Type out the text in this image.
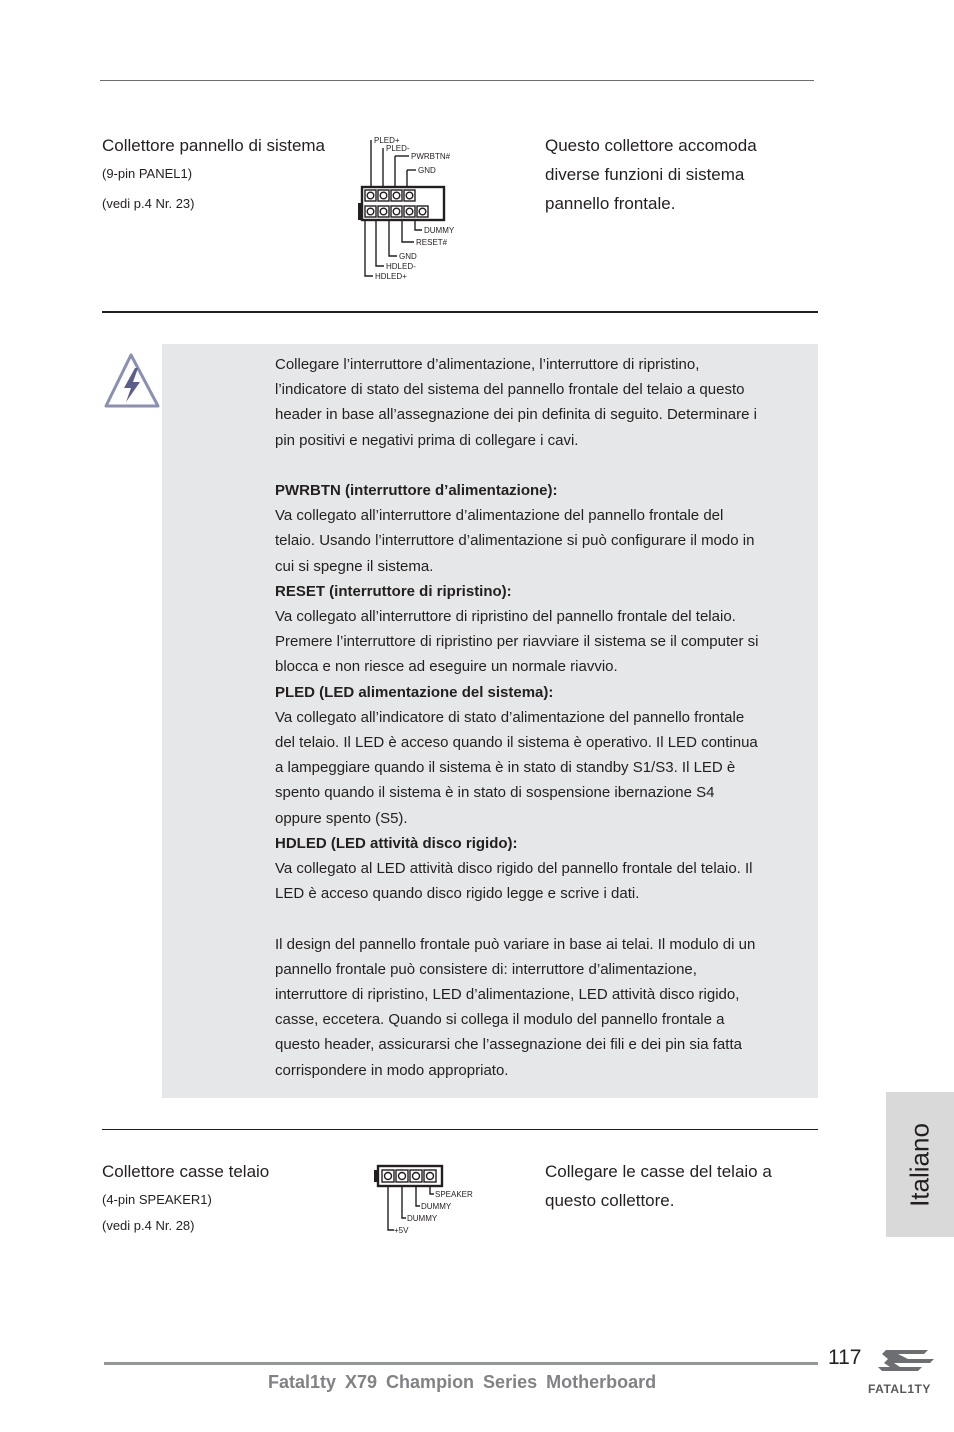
Collettore pannello di sistema
(9-pin PANEL1)
(vedi p.4 Nr. 23)
PLED+
PLED-
PWRBTN#
GND
DUMMY
RESET#
GND
HDLED-
HDLED+
Questo collettore accomoda
diverse funzioni di sistema
pannello frontale.

Collegare l’interruttore d’alimentazione, l’interruttore di ripristino,

l’indicatore di stato del sistema del pannello frontale del telaio a questo

header in base all’assegnazione dei pin definita di seguito. Determinare i

pin positivi e negativi prima di collegare i cavi.

PWRBTN (interruttore d’alimentazione):

Va collegato all’interruttore d’alimentazione del pannello frontale del

telaio. Usando l’interruttore d’alimentazione si può configurare il modo in

cui si spegne il sistema.

RESET (interruttore di ripristino):

Va collegato all’interruttore di ripristino del pannello frontale del telaio.

Premere l’interruttore di ripristino per riavviare il sistema se il computer si

blocca e non riesce ad eseguire un normale riavvio.

PLED (LED alimentazione del sistema):

Va collegato all’indicatore di stato d’alimentazione del pannello frontale

del telaio. Il LED è acceso quando il sistema è operativo. Il LED continua

a lampeggiare quando il sistema è in stato di standby S1/S3. Il LED è

spento quando il sistema è in stato di sospensione ibernazione S4

oppure spento (S5).

HDLED (LED attività disco rigido):

Va collegato al LED attività disco rigido del pannello frontale del telaio. Il

LED è acceso quando disco rigido legge e scrive i dati.

Il design del pannello frontale può variare in base ai telai. Il modulo di un

pannello frontale può consistere di: interruttore d’alimentazione,

interruttore di ripristino, LED d’alimentazione, LED attività disco rigido,

casse, eccetera. Quando si collega il modulo del pannello frontale a

questo header, assicurarsi che l’assegnazione dei fili e dei pin sia fatta

corrispondere in modo appropriato.

Collettore casse telaio
(4-pin SPEAKER1)
(vedi p.4 Nr. 28)
SPEAKER
DUMMY
DUMMY
+5V
Collegare le casse del telaio a
questo collettore.	Italiano
117
Fatal1ty X79 Champion Series Motherboard	FATAL1TY
